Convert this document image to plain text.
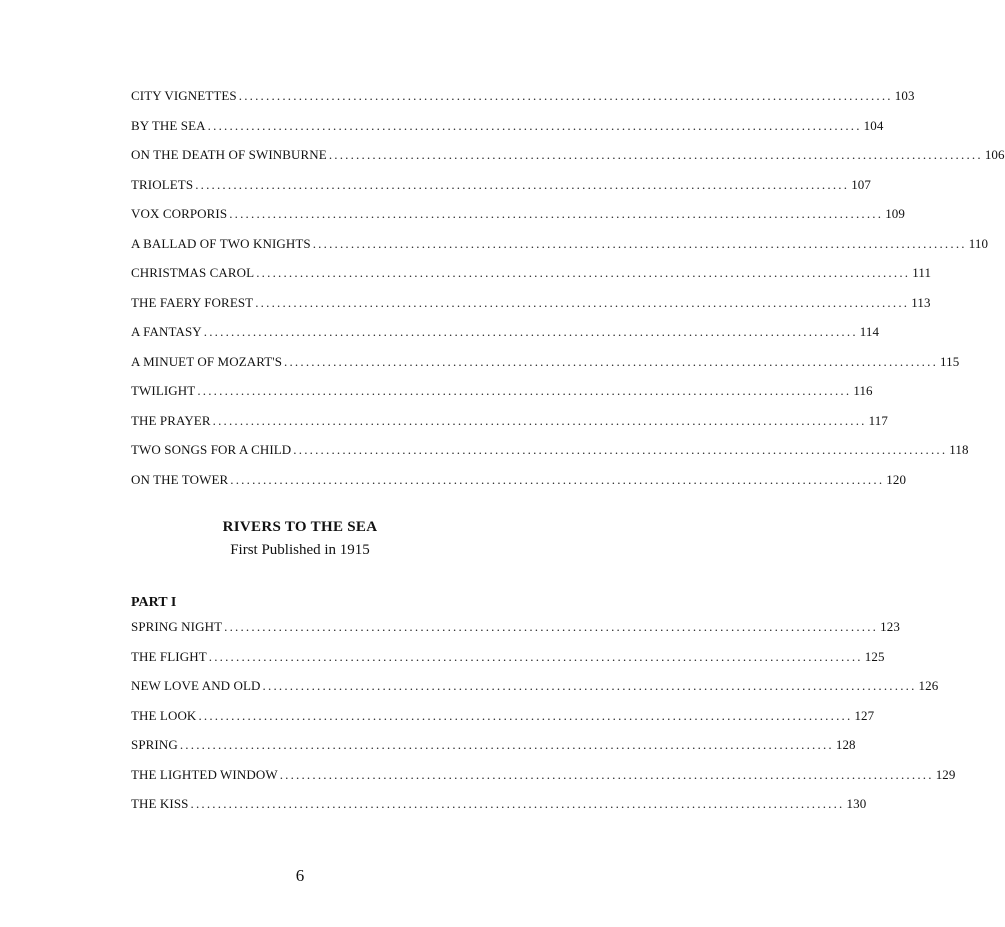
CITY VIGNETTES ........................................................................................................................ 103
BY THE SEA ........................................................................................................................ 104
ON THE DEATH OF SWINBURNE ........................................................................................................................ 106
TRIOLETS ........................................................................................................................ 107
VOX CORPORIS ........................................................................................................................ 109
A BALLAD OF TWO KNIGHTS ........................................................................................................................ 110
CHRISTMAS CAROL ........................................................................................................................ 111
THE FAERY FOREST ........................................................................................................................ 113
A FANTASY ........................................................................................................................ 114
A MINUET OF MOZART'S ........................................................................................................................ 115
TWILIGHT ........................................................................................................................ 116
THE PRAYER ........................................................................................................................ 117
TWO SONGS FOR A CHILD ........................................................................................................................ 118
ON THE TOWER ........................................................................................................................ 120
RIVERS TO THE SEA
First Published in 1915
PART I
SPRING NIGHT ........................................................................................................................ 123
THE FLIGHT ........................................................................................................................ 125
NEW LOVE AND OLD ........................................................................................................................ 126
THE LOOK ........................................................................................................................ 127
SPRING ........................................................................................................................ 128
THE LIGHTED WINDOW ........................................................................................................................ 129
THE KISS ........................................................................................................................ 130
6
